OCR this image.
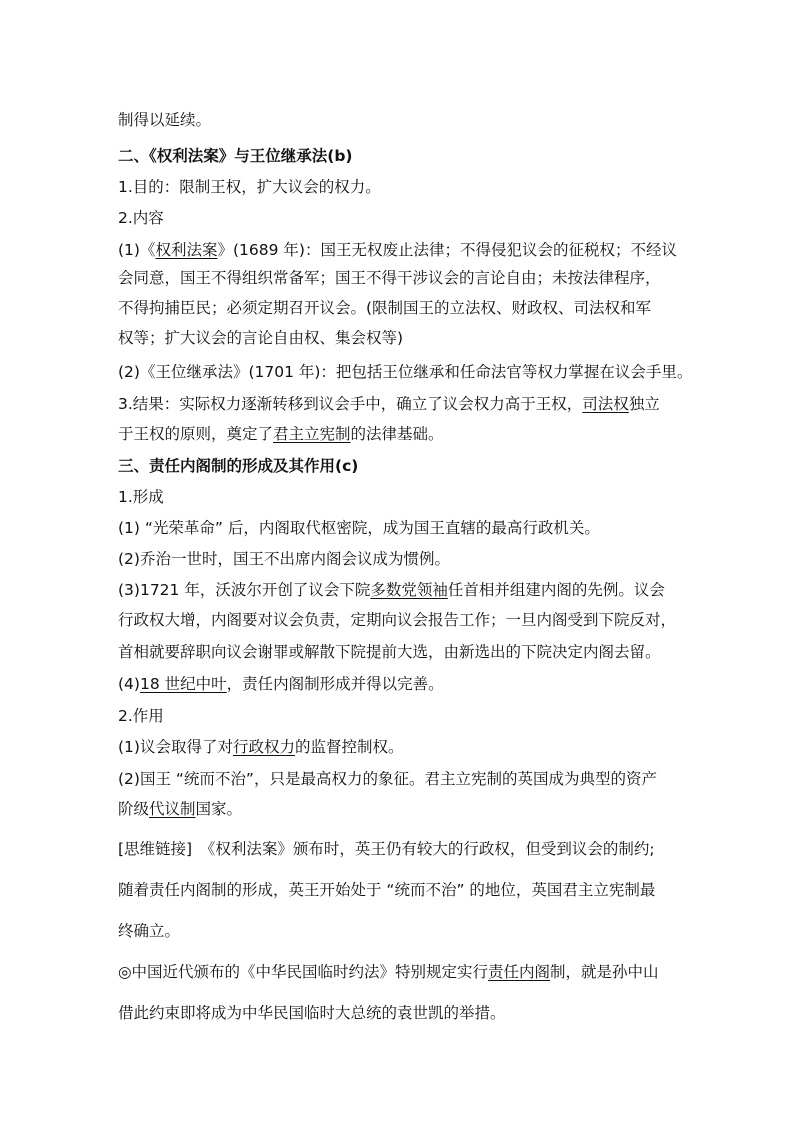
制得以延续。
二、《权利法案》与王位继承法(b)
1.目的：限制王权，扩大议会的权力。
2.内容
(1)《权利法案》(1689 年)：国王无权废止法律；不得侵犯议会的征税权；不经议
会同意，国王不得组织常备军；国王不得干涉议会的言论自由；未按法律程序，
不得拘捕臣民；必须定期召开议会。(限制国王的立法权、财政权、司法权和军
权等；扩大议会的言论自由权、集会权等)
(2)《王位继承法》(1701 年)：把包括王位继承和任命法官等权力掌握在议会手里。
3.结果：实际权力逐渐转移到议会手中，确立了议会权力高于王权，司法权独立
于王权的原则，奠定了君主立宪制的法律基础。
三、责任内阁制的形成及其作用(c)
1.形成
(1) “光荣革命” 后，内阁取代枢密院，成为国王直辖的最高行政机关。
(2)乔治一世时，国王不出席内阁会议成为惯例。
(3)1721 年，沃波尔开创了议会下院多数党领袖任首相并组建内阁的先例。议会
行政权大增，内阁要对议会负责，定期向议会报告工作；一旦内阁受到下院反对，
首相就要辞职向议会谢罪或解散下院提前大选，由新选出的下院决定内阁去留。
(4)18 世纪中叶，责任内阁制形成并得以完善。
2.作用
(1)议会取得了对行政权力的监督控制权。
(2)国王 “统而不治”，只是最高权力的象征。君主立宪制的英国成为典型的资产
阶级代议制国家。
[思维链接]　《权利法案》颁布时，英王仍有较大的行政权，但受到议会的制约;
随着责任内阁制的形成，英王开始处于 “统而不治” 的地位，英国君主立宪制最
终确立。
◎中国近代颁布的《中华民国临时约法》特别规定实行责任内阁制，就是孙中山
借此约束即将成为中华民国临时大总统的袁世凯的举措。
